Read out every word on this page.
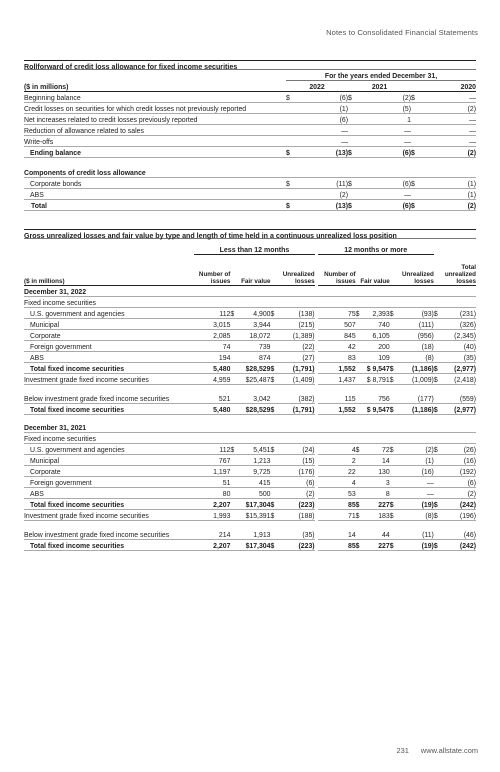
Notes to Consolidated Financial Statements
Rollforward of credit loss allowance for fixed income securities
	For the years ended December 31,					
($ in millions)	2022		2021		2020	
Beginning balance	$	(6)	$	(2)	$	—
Credit losses on securities for which credit losses not previously reported		(1)		(5)		(2)
Net increases related to credit losses previously reported		(6)		1		—
Reduction of allowance related to sales		—		—		—
Write-offs		—		—		—
Ending balance	$	(13)	$	(6)	$	(2)

Components of credit loss allowance						
Corporate bonds	$	(11)	$	(6)	$	(1)
ABS		(2)		—		(1)
Total	$	(13)	$	(6)	$	(2)
Gross unrealized losses and fair value by type and length of time held in a continuous unrealized loss position
	Less than 12 months						12 months or more						
($ in millions)	Number of issues	Fair value		Unrealized losses			Number of issues	Fair value		Unrealized losses		Total unrealized losses	
December 31, 2022													
Fixed income securities													
U.S. government and agencies	112	$	4,900	$	(138)		75	$	2,393	$	(93)	$	(231)
Municipal	3,015		3,944		(215)		507		740		(111)		(326)
Corporate	2,085		18,072		(1,389)		845		6,105		(956)		(2,345)
Foreign government	74		739		(22)		42		200		(18)		(40)
ABS	194		874		(27)		83		109		(8)		(35)
Total fixed income securities	5,480		$28,529	$	(1,791)		1,552		$ 9,547	$	(1,186)	$	(2,977)
Investment grade fixed income securities	4,959		$25,487	$	(1,409)		1,437		$ 8,791	$	(1,009)	$	(2,418)
Below investment grade fixed income securities	521		3,042		(382)		115		756		(177)		(559)
Total fixed income securities	5,480		$28,529	$	(1,791)		1,552		$ 9,547	$	(1,186)	$	(2,977)

December 31, 2021													
Fixed income securities													
U.S. government and agencies	112	$	5,451	$	(24)		4	$	72	$	(2)	$	(26)
Municipal	767		1,213		(15)		2		14		(1)		(16)
Corporate	1,197		9,725		(176)		22		130		(16)		(192)
Foreign government	51		415		(6)		4		3		—		(6)
ABS	80		500		(2)		53		8		—		(2)
Total fixed income securities	2,207		$17,304	$	(223)		85	$	227	$	(19)	$	(242)
Investment grade fixed income securities	1,993		$15,391	$	(188)		71	$	183	$	(8)	$	(196)
Below investment grade fixed income securities	214		1,913		(35)		14		44		(11)		(46)
Total fixed income securities	2,207		$17,304	$	(223)		85	$	227	$	(19)	$	(242)
231 www.allstate.com
